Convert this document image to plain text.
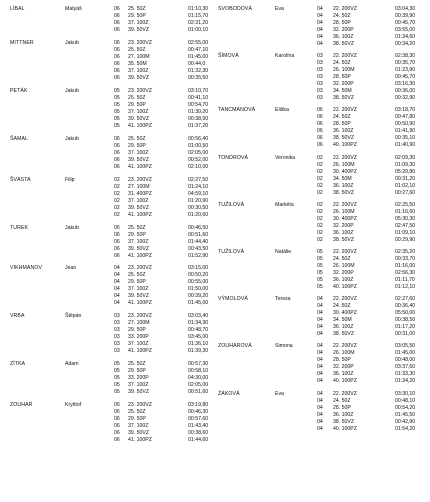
LÍBAL	Matyáš	06 25. 50Z	01:10,30
06 29. 50P	01:15,70
06 37. 100Z	02:31,20
06 39. 50VZ	01:00,10
MITTNER	Jakub	06 23. 200VZ	02:55,00
06 25. 50Z	00:47,10
06 27. 100M	01:45,00
06 35. 50M	00:44,0
06 37. 100Z	01:32,30
06 39. 50VZ	00:35,50
PETÁK	Jakub	05 23. 200VZ	03:10,70
05 25. 50Z	00:41,10
05 29. 50P	00:54,70
05 37. 100Z	01:30,20
05 39. 50VZ	00:38,50
05 41. 100PZ	01:37,20
ŠAMAL	Jakub	06 25. 50Z	00:56,40
06 29. 50P	01:00,50
06 37. 100Z	02:05,00
06 39. 50VZ	00:52,00
06 41. 100PZ	02:10,00
ŠVÁSTA	Filip	02 23. 200VZ	02:27,50
02 27. 100M	01:24,10
02 31. 400PZ	04:59,10
02 37. 100Z	01:20,90
02 39. 50VZ	00:30,50
02 41. 100PZ	01:20,60
TUREK	Jakub	06 25. 50Z	00:46,50
06 29. 50P	00:51,60
06 37. 100Z	01:44,40
06 39. 50VZ	00:43,50
06 41. 100PZ	01:52,90
VIKHMANOV	Jean	04 23. 200VZ	03:15,00
04 25. 50Z	00:50,20
04 29. 50P	00:55,00
04 37. 100Z	01:50,00
04 39. 50VZ	00:39,20
04 41. 100PZ	01:45,00
VRBA	Štěpán	03 23. 200VZ	03:03,40
03 27. 100M	01:34,30
03 29. 50P	00:48,70
03 33. 200P	03:45,00
03 37. 100Z	01:36,10
03 41. 100PZ	01:39,30
ZÍTKA	Adam	05 25. 50Z	00:57,30
05 29. 50P	00:58,10
05 33. 200P	04:30,00
05 37. 100Z	02:05,00
05 39. 50VZ	00:51,60
ZOUHAR	Kryštof	06 23. 200VZ	03:19,80
06 25. 50Z	00:46,30
06 29. 50P	00:57,60
06 37. 100Z	01:43,40
06 39. 50VZ	00:38,60
06 41. 100PZ	01:44,60
SVOBODOVÁ	Eva	04 22. 200VZ	03:04,30
04 24. 50Z	00:39,90
04 28. 50P	00:45,70
04 32. 200P	03:55,00
04 36. 100Z	01:34,60
04 38. 50VZ	00:34,20
ŠÍMOVÁ	Karolína	03 22. 200VZ	02:38,30
03 24. 50Z	00:35,70
03 26. 100M	01:23,90
03 28. 50P	00:45,70
03 32. 200P	03:16,30
03 34. 50M	00:36,00
03 38. 50VZ	00:32,90
TANCMANOVÁ	Eliška	06 22. 200VZ	03:18,70
06 24. 50Z	00:47,80
06 28. 50P	00:50,90
06 36. 100Z	01:41,90
06 38. 50VZ	00:35,10
06 40. 100PZ	01:40,90
TONDROVÁ	Veronika	02 22. 200VZ	02:09,30
02 26. 100M	01:09,30
02 30. 400PZ	05:20,80
02 34. 50M	00:31,20
02 36. 100Z	01:02,10
02 38. 50VZ	00:27,60
TUŽILOVÁ	Markéta	02 22. 200VZ	02:25,50
02 26. 100M	01:16,60
02 30. 400PZ	05:30,30
02 32. 200P	02:47,50
02 36. 100Z	01:09,10
02 38. 50VZ	00:29,90
TUŽILOVÁ	Natálie	05 22. 200VZ	02:35,20
05 24. 50Z	00:33,70
05 26. 100M	01:16,00
05 32. 200P	02:56,30
05 36. 100Z	01:11,70
05 40. 100PZ	01:12,10
VÝMOLOVÁ	Tereza	04 22. 200VZ	02:27,60
04 24. 50Z	00:36,40
04 30. 400PZ	05:50,00
04 34. 50M	00:38,50
04 36. 100Z	01:17,20
04 38. 50VZ	00:31,00
ZOUHAROVÁ	Simona	04 22. 200VZ	03:05,50
04 26. 100M	01:45,00
04 28. 50P	00:48,00
04 32. 200P	03:37,60
04 36. 100Z	01:33,30
04 40. 100PZ	01:34,20
ŽÁKOVÁ	Eva	04 22. 200VZ	03:30,10
04 24. 50Z	00:48,10
04 28. 50P	00:54,20
04 36. 100Z	01:45,50
04 38. 50VZ	00:42,90
04 40. 100PZ	01:54,20
